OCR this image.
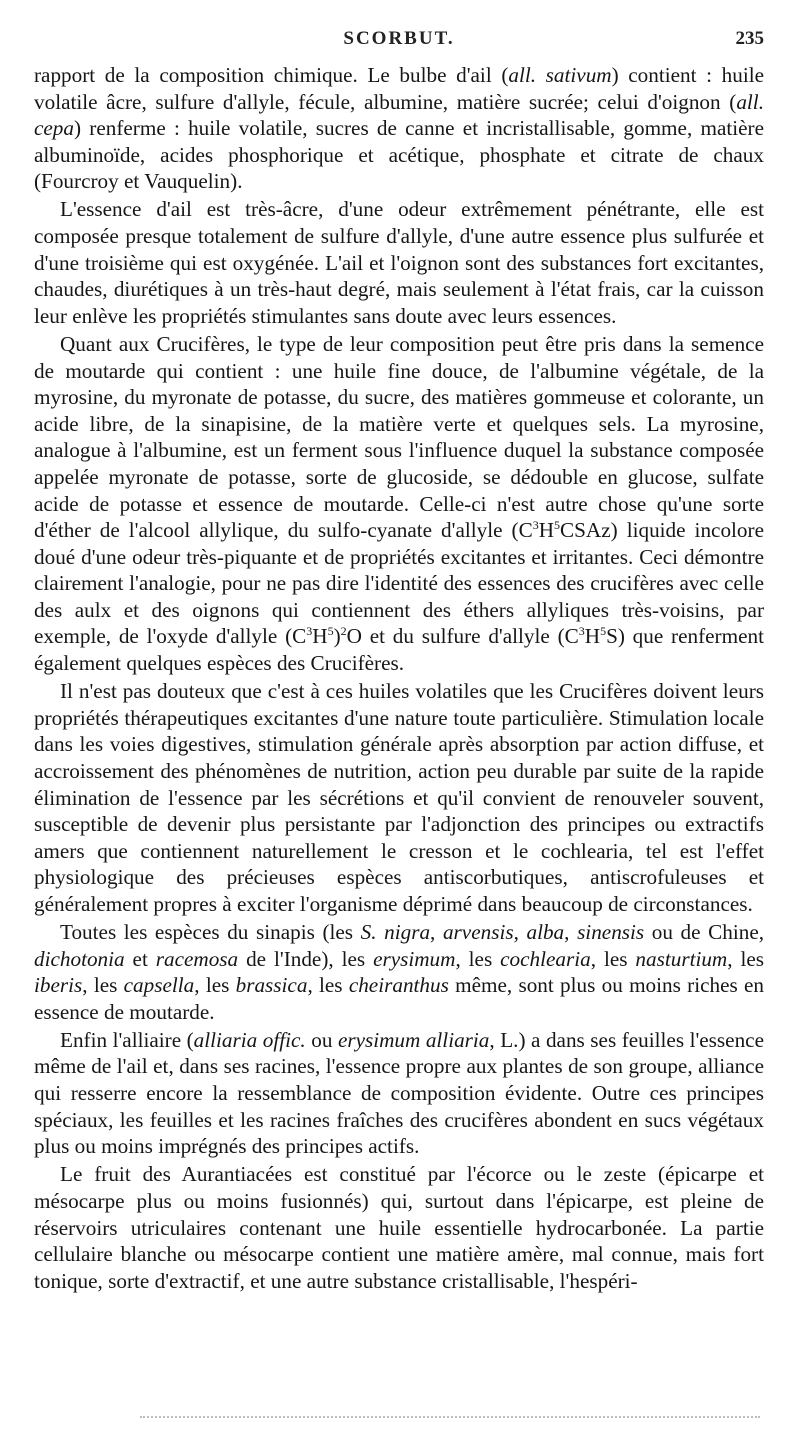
SCORBUT.	235

rapport de la composition chimique. Le bulbe d'ail (all. sativum) contient : huile volatile âcre, sulfure d'allyle, fécule, albumine, matière sucrée; celui d'oignon (all. cepa) renferme : huile volatile, sucres de canne et incristallisable, gomme, matière albuminoïde, acides phosphorique et acétique, phosphate et citrate de chaux (Fourcroy et Vauquelin).

L'essence d'ail est très-âcre, d'une odeur extrêmement pénétrante, elle est composée presque totalement de sulfure d'allyle, d'une autre essence plus sulfurée et d'une troisième qui est oxygénée. L'ail et l'oignon sont des substances fort excitantes, chaudes, diurétiques à un très-haut degré, mais seulement à l'état frais, car la cuisson leur enlève les propriétés stimulantes sans doute avec leurs essences.

Quant aux Crucifères, le type de leur composition peut être pris dans la semence de moutarde qui contient : une huile fine douce, de l'albumine végétale, de la myrosine, du myronate de potasse, du sucre, des matières gommeuse et colorante, un acide libre, de la sinapisine, de la matière verte et quelques sels. La myrosine, analogue à l'albumine, est un ferment sous l'influence duquel la substance composée appelée myronate de potasse, sorte de glucoside, se dédouble en glucose, sulfate acide de potasse et essence de moutarde. Celle-ci n'est autre chose qu'une sorte d'éther de l'alcool allylique, du sulfo-cyanate d'allyle $(C^3H^5CSAz)$ liquide incolore doué d'une odeur très-piquante et de propriétés excitantes et irritantes. Ceci démontre clairement l'analogie, pour ne pas dire l'identité des essences des crucifères avec celle des aulx et des oignons qui contiennent des éthers allyliques très-voisins, par exemple, de l'oxyde d'allyle $(C^3H^5)^2O$ et du sulfure d'allyle $(C^3H^5S)$ que renferment également quelques espèces des Crucifères.

Il n'est pas douteux que c'est à ces huiles volatiles que les Crucifères doivent leurs propriétés thérapeutiques excitantes d'une nature toute particulière. Stimulation locale dans les voies digestives, stimulation générale après absorption par action diffuse, et accroissement des phénomènes de nutrition, action peu durable par suite de la rapide élimination de l'essence par les sécrétions et qu'il convient de renouveler souvent, susceptible de devenir plus persistante par l'adjonction des principes ou extractifs amers que contiennent naturellement le cresson et le cochlearia, tel est l'effet physiologique des précieuses espèces antiscorbutiques, antiscrofuleuses et généralement propres à exciter l'organisme déprimé dans beaucoup de circonstances.

Toutes les espèces du sinapis (les S. nigra, arvensis, alba, sinensis ou de Chine, dichotonia et racemosa de l'Inde), les erysimum, les cochlearia, les nasturtium, les iberis, les capsella, les brassica, les cheiranthus même, sont plus ou moins riches en essence de moutarde.

Enfin l'alliaire (alliaria offic. ou erysimum alliaria, L.) a dans ses feuilles l'essence même de l'ail et, dans ses racines, l'essence propre aux plantes de son groupe, alliance qui resserre encore la ressemblance de composition évidente. Outre ces principes spéciaux, les feuilles et les racines fraîches des crucifères abondent en sucs végétaux plus ou moins imprégnés des principes actifs.

Le fruit des Aurantiacées est constitué par l'écorce ou le zeste (épicarpe et mésocarpe plus ou moins fusionnés) qui, surtout dans l'épicarpe, est pleine de réservoirs utriculaires contenant une huile essentielle hydrocarbonée. La partie cellulaire blanche ou mésocarpe contient une matière amère, mal connue, mais fort tonique, sorte d'extractif, et une autre substance cristallisable, l'hespéri-
